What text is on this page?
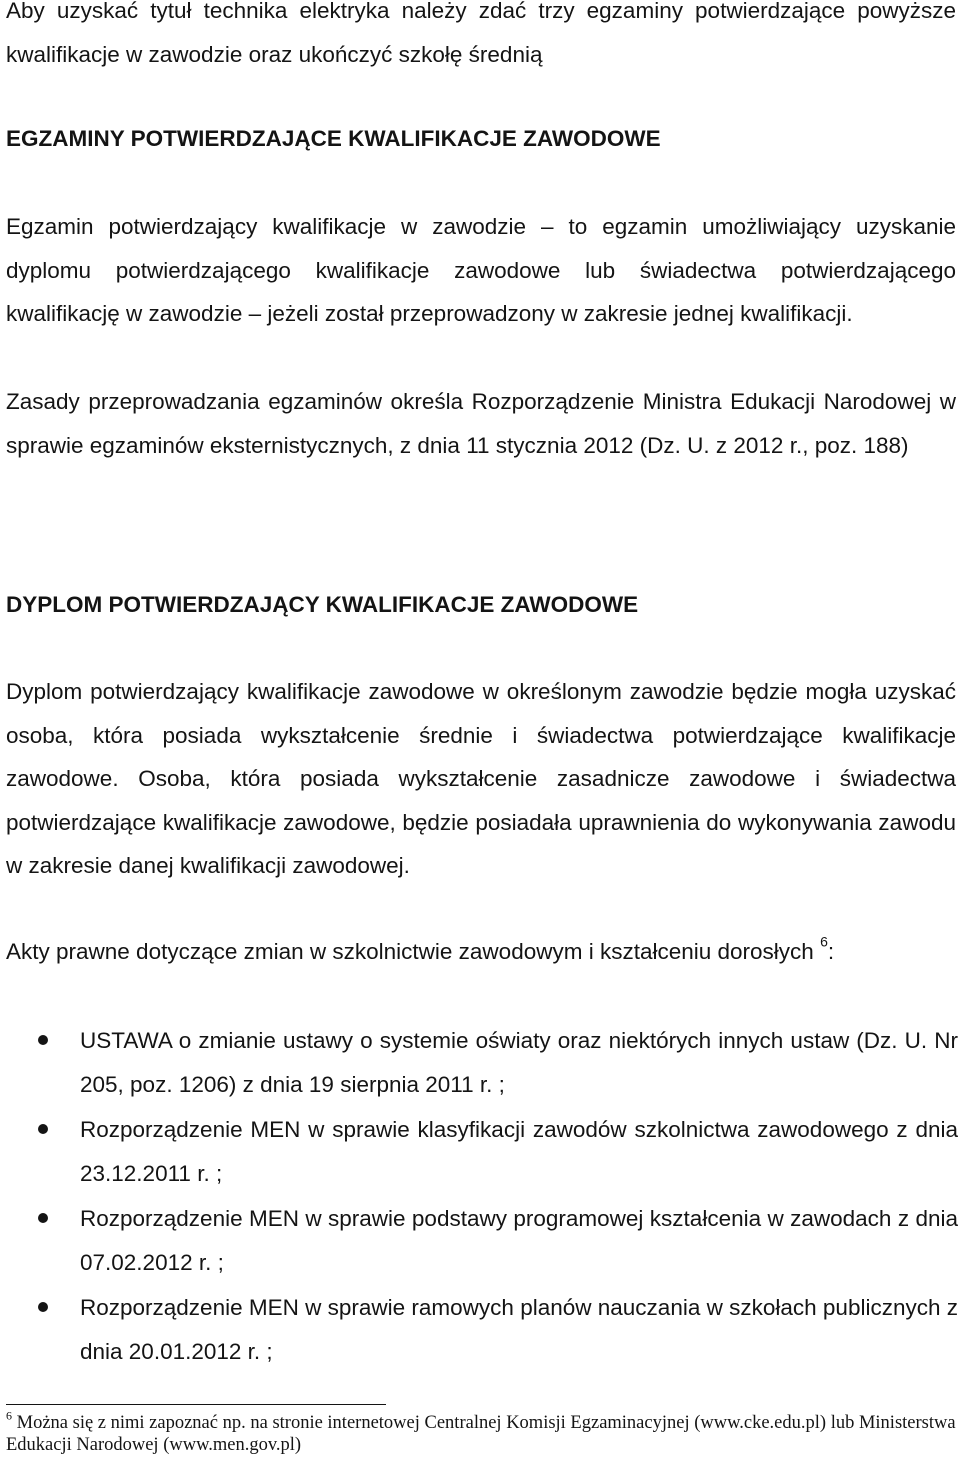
Aby uzyskać tytuł technika elektryka należy zdać trzy egzaminy potwierdzające powyższe kwalifikacje w zawodzie oraz ukończyć szkołę średnią

EGZAMINY POTWIERDZAJĄCE KWALIFIKACJE ZAWODOWE

Egzamin potwierdzający kwalifikacje w zawodzie – to egzamin umożliwiający uzyskanie dyplomu potwierdzającego kwalifikacje zawodowe lub świadectwa potwierdzającego kwalifikację w zawodzie – jeżeli został przeprowadzony w zakresie jednej kwalifikacji.

Zasady przeprowadzania egzaminów określa Rozporządzenie Ministra Edukacji Narodowej w sprawie egzaminów eksternistycznych, z dnia 11 stycznia 2012 (Dz. U. z 2012 r., poz. 188)

DYPLOM POTWIERDZAJĄCY KWALIFIKACJE ZAWODOWE

Dyplom potwierdzający kwalifikacje zawodowe w określonym zawodzie będzie mogła uzyskać osoba, która posiada wykształcenie średnie i świadectwa potwierdzające kwalifikacje zawodowe. Osoba, która posiada wykształcenie zasadnicze zawodowe i świadectwa potwierdzające kwalifikacje zawodowe, będzie posiadała uprawnienia do wykonywania zawodu w zakresie danej kwalifikacji zawodowej.

Akty prawne dotyczące zmian w szkolnictwie zawodowym i kształceniu dorosłych $^6$:

USTAWA o zmianie ustawy o systemie oświaty oraz niektórych innych ustaw (Dz. U. Nr 205, poz. 1206) z dnia 19 sierpnia 2011 r. ;
Rozporządzenie MEN w sprawie klasyfikacji zawodów szkolnictwa zawodowego z dnia 23.12.2011 r. ;
Rozporządzenie MEN w sprawie podstawy programowej kształcenia w zawodach z dnia 07.02.2012 r. ;
Rozporządzenie MEN w sprawie ramowych planów nauczania w szkołach publicznych z dnia 20.01.2012 r. ;

$^6$ Można się z nimi zapoznać np. na stronie internetowej Centralnej Komisji Egzaminacyjnej (www.cke.edu.pl) lub Ministerstwa Edukacji Narodowej (www.men.gov.pl)
